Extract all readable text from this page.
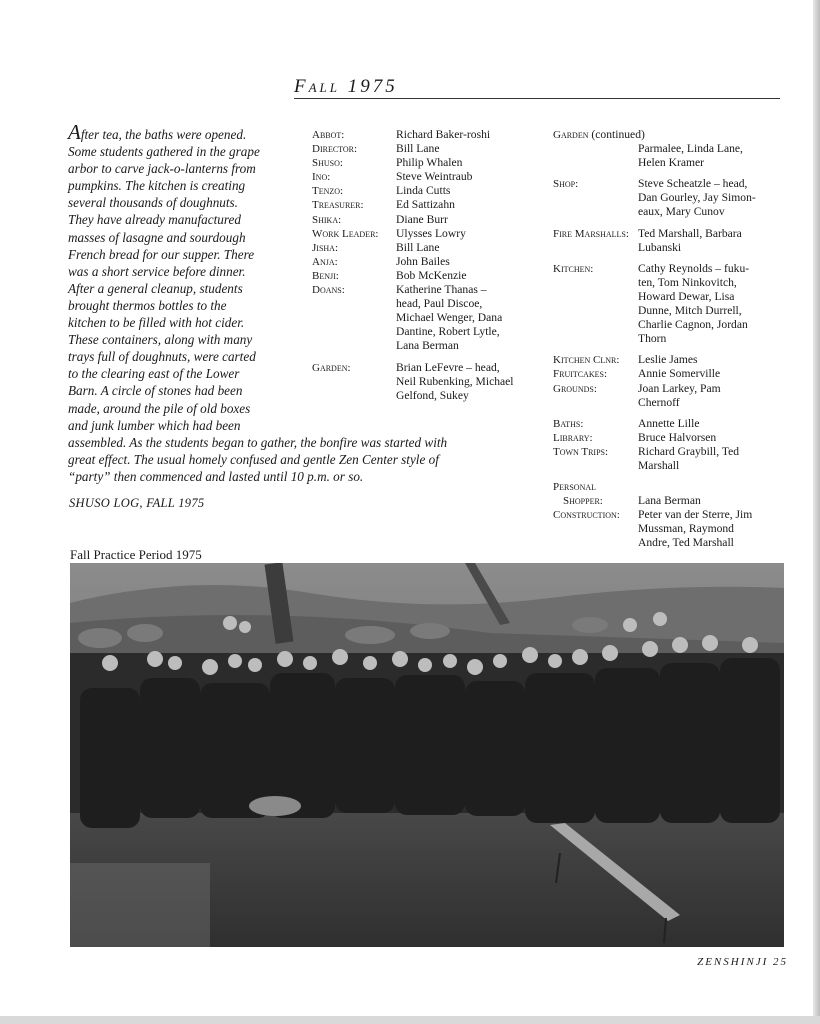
Fall 1975
After tea, the baths were opened.
Some students gathered in the grape
arbor to carve jack-o-lanterns from
pumpkins. The kitchen is creating
several thousands of doughnuts.
They have already manufactured
masses of lasagne and sourdough
French bread for our supper. There
was a short service before dinner.
After a general cleanup, students
brought thermos bottles to the
kitchen to be filled with hot cider.
These containers, along with many
trays full of doughnuts, were carted
to the clearing east of the Lower
Barn. A circle of stones had been
made, around the pile of old boxes
and junk lumber which had been
assembled. As the students began to gather, the bonfire was started with
great effect. The usual homely confused and gentle Zen Center style of
“party” then commenced and lasted until 10 p.m. or so.
SHUSO LOG, FALL 1975
Abbot:	Richard Baker-roshi
Director:	Bill Lane
Shuso:	Philip Whalen
Ino:	Steve Weintraub
Tenzo:	Linda Cutts
Treasurer:	Ed Sattizahn
Shika:	Diane Burr
Work Leader:	Ulysses Lowry
Jisha:	Bill Lane
Anja:	John Bailes
Benji:	Bob McKenzie
Doans:	Katherine Thanas –
head, Paul Discoe,
Michael Wenger, Dana
Dantine, Robert Lytle,
Lana Berman
Garden:	Brian LeFevre – head,
Neil Rubenking, Michael
Gelfond, Sukey
Garden (continued)
Parmalee, Linda Lane,
Helen Kramer
Shop:	Steve Scheatzle – head,
Dan Gourley, Jay Simon-
eaux, Mary Cunov
Fire Marshalls: Ted Marshall, Barbara
Lubanski
Kitchen:	Cathy Reynolds – fuku-
ten, Tom Ninkovitch,
Howard Dewar, Lisa
Dunne, Mitch Durrell,
Charlie Cagnon, Jordan
Thorn
Kitchen Clnr:	Leslie James
Fruitcakes:	Annie Somerville
Grounds:	Joan Larkey, Pam
Chernoff
Baths:	Annette Lille
Library:	Bruce Halvorsen
Town Trips:	Richard Graybill, Ted
Marshall
Personal
Shopper:	Lana Berman
Construction:	Peter van der Sterre, Jim
Mussman, Raymond
Andre, Ted Marshall
Fall Practice Period 1975
ZENSHINJI 25
